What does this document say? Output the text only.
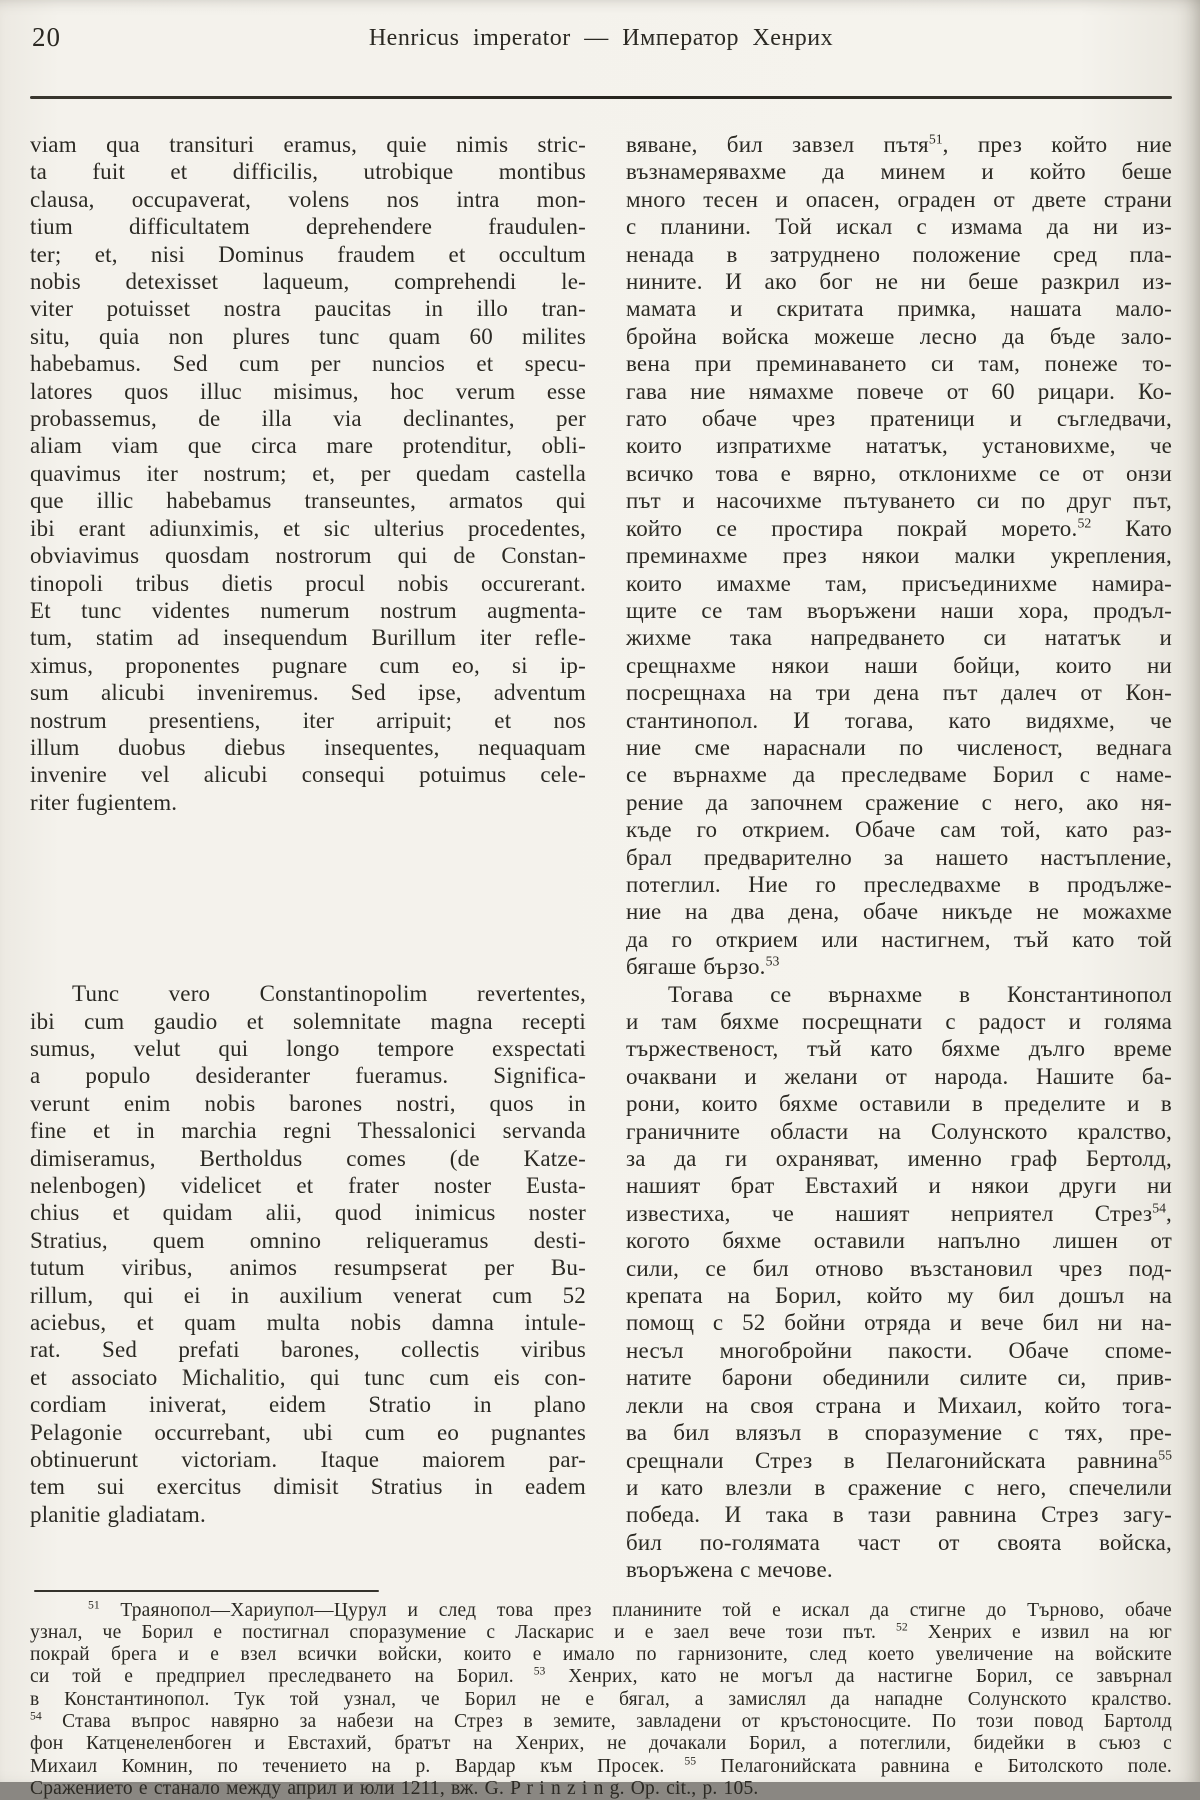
20	Henricus imperator — Император Хенрих
viam qua transituri eramus, quie nimis stric-
ta fuit et difficilis, utrobique montibus
clausa, occupaverat, volens nos intra mon-
tium difficultatem deprehendere fraudulen-
ter; et, nisi Dominus fraudem et occultum
nobis detexisset laqueum, comprehendi le-
viter potuisset nostra paucitas in illo tran-
situ, quia non plures tunc quam 60 milites
habebamus. Sed cum per nuncios et specu-
latores quos illuc misimus, hoc verum esse
probassemus, de illa via declinantes, per
aliam viam que circa mare protenditur, obli-
quavimus iter nostrum; et, per quedam castella
que illic habebamus transeuntes, armatos qui
ibi erant adiunximis, et sic ulterius procedentes,
obviavimus quosdam nostrorum qui de Constan-
tinopoli tribus dietis procul nobis occurerant.
Et tunc videntes numerum nostrum augmenta-
tum, statim ad insequendum Burillum iter refle-
ximus, proponentes pugnare cum eo, si ip-
sum alicubi inveniremus. Sed ipse, adventum
nostrum presentiens, iter arripuit; et nos
illum duobus diebus insequentes, nequaquam
invenire vel alicubi consequi potuimus cele-
riter fugientem.
Tunc vero Constantinopolim revertentes,
ibi cum gaudio et solemnitate magna recepti
sumus, velut qui longo tempore exspectati
a populo desideranter fueramus. Significa-
verunt enim nobis barones nostri, quos in
fine et in marchia regni Thessalonici servanda
dimiseramus, Bertholdus comes (de Katze-
nelenbogen) videlicet et frater noster Eusta-
chius et quidam alii, quod inimicus noster
Stratius, quem omnino reliqueramus desti-
tutum viribus, animos resumpserat per Bu-
rillum, qui ei in auxilium venerat cum 52
aciebus, et quam multa nobis damna intule-
rat. Sed prefati barones, collectis viribus
et associato Michalitio, qui tunc cum eis con-
cordiam iniverat, eidem Stratio in plano
Pelagonie occurrebant, ubi cum eo pugnantes
obtinuerunt victoriam. Itaque maiorem par-
tem sui exercitus dimisit Stratius in eadem
planitie gladiatam.
вяване, бил завзел пътя$^{51}$, през който ние
възнамерявахме да минем и който беше
много тесен и опасен, ограден от двете страни
с планини. Той искал с измама да ни из-
ненада в затруднено положение сред пла-
нините. И ако бог не ни беше разкрил из-
мамата и скритата примка, нашата мало-
бройна войска можеше лесно да бъде зало-
вена при преминаването си там, понеже то-
гава ние нямахме повече от 60 рицари. Ко-
гато обаче чрез пратеници и съгледвачи,
които изпратихме нататък, установихме, че
всичко това е вярно, отклонихме се от онзи
път и насочихме пътуването си по друг път,
който се простира покрай морето.$^{52}$ Като
преминахме през някои малки укрепления,
които имахме там, присъединихме намира-
щите се там въоръжени наши хора, продъл-
жихме така напредването си нататък и
срещнахме някои наши бойци, които ни
посрещнаха на три дена път далеч от Кон-
стантинопол. И тогава, като видяхме, че
ние сме нараснали по численост, веднага
се върнахме да преследваме Борил с наме-
рение да започнем сражение с него, ако ня-
къде го открием. Обаче сам той, като раз-
брал предварително за нашето настъпление,
потеглил. Ние го преследвахме в продълже-
ние на два дена, обаче никъде не можахме
да го открием или настигнем, тъй като той
бягаше бързо.$^{53}$
Тогава се върнахме в Константинопол
и там бяхме посрещнати с радост и голяма
тържественост, тъй като бяхме дълго време
очаквани и желани от народа. Нашите ба-
рони, които бяхме оставили в пределите и в
граничните области на Солунското кралство,
за да ги охраняват, именно граф Бертолд,
нашият брат Евстахий и някои други ни
известиха, че нашият неприятел Стрез$^{54}$,
когото бяхме оставили напълно лишен от
сили, се бил отново възстановил чрез под-
крепата на Борил, който му бил дошъл на
помощ с 52 бойни отряда и вече бил ни на-
несъл многобройни пакости. Обаче споме-
натите барони обединили силите си, прив-
лекли на своя страна и Михаил, който тога-
ва бил влязъл в споразумение с тях, пре-
срещнали Стрез в Пелагонийската равнина$^{55}$
и като влезли в сражение с него, спечелили
победа. И така в тази равнина Стрез загу-
бил по-голямата част от своята войска,
въоръжена с мечове.
$^{51}$ Траянопол—Хариупол—Цурул и след това през планините той е искал да стигне до Търново, обаче
узнал, че Борил е постигнал споразумение с Ласкарис и е заел вече този път.  $^{52}$ Хенрих е извил на юг
покрай брега и е взел всички войски, които е имало по гарнизоните, след което увеличение на войските
си той е предприел преследването на Борил.  $^{53}$ Хенрих, като не могъл да настигне Борил, се завърнал
в Константинопол. Тук той узнал, че Борил не е бягал, а замислял да нападне Солунското кралство.
$^{54}$ Става въпрос навярно за набези на Стрез в земите, завладени от кръстоносците. По този повод Бартолд
фон Катценеленбоген и Евстахий, братът на Хенрих, не дочакали Борил, а потеглили, бидейки в съюз с
Михаил Комнин, по течението на р. Вардар към Просек.  $^{55}$ Пелагонийската равнина е Битолското поле.
Сражението е станало между април и юли 1211, вж. G. P r i n z i n g. Op. cit., p. 105.
